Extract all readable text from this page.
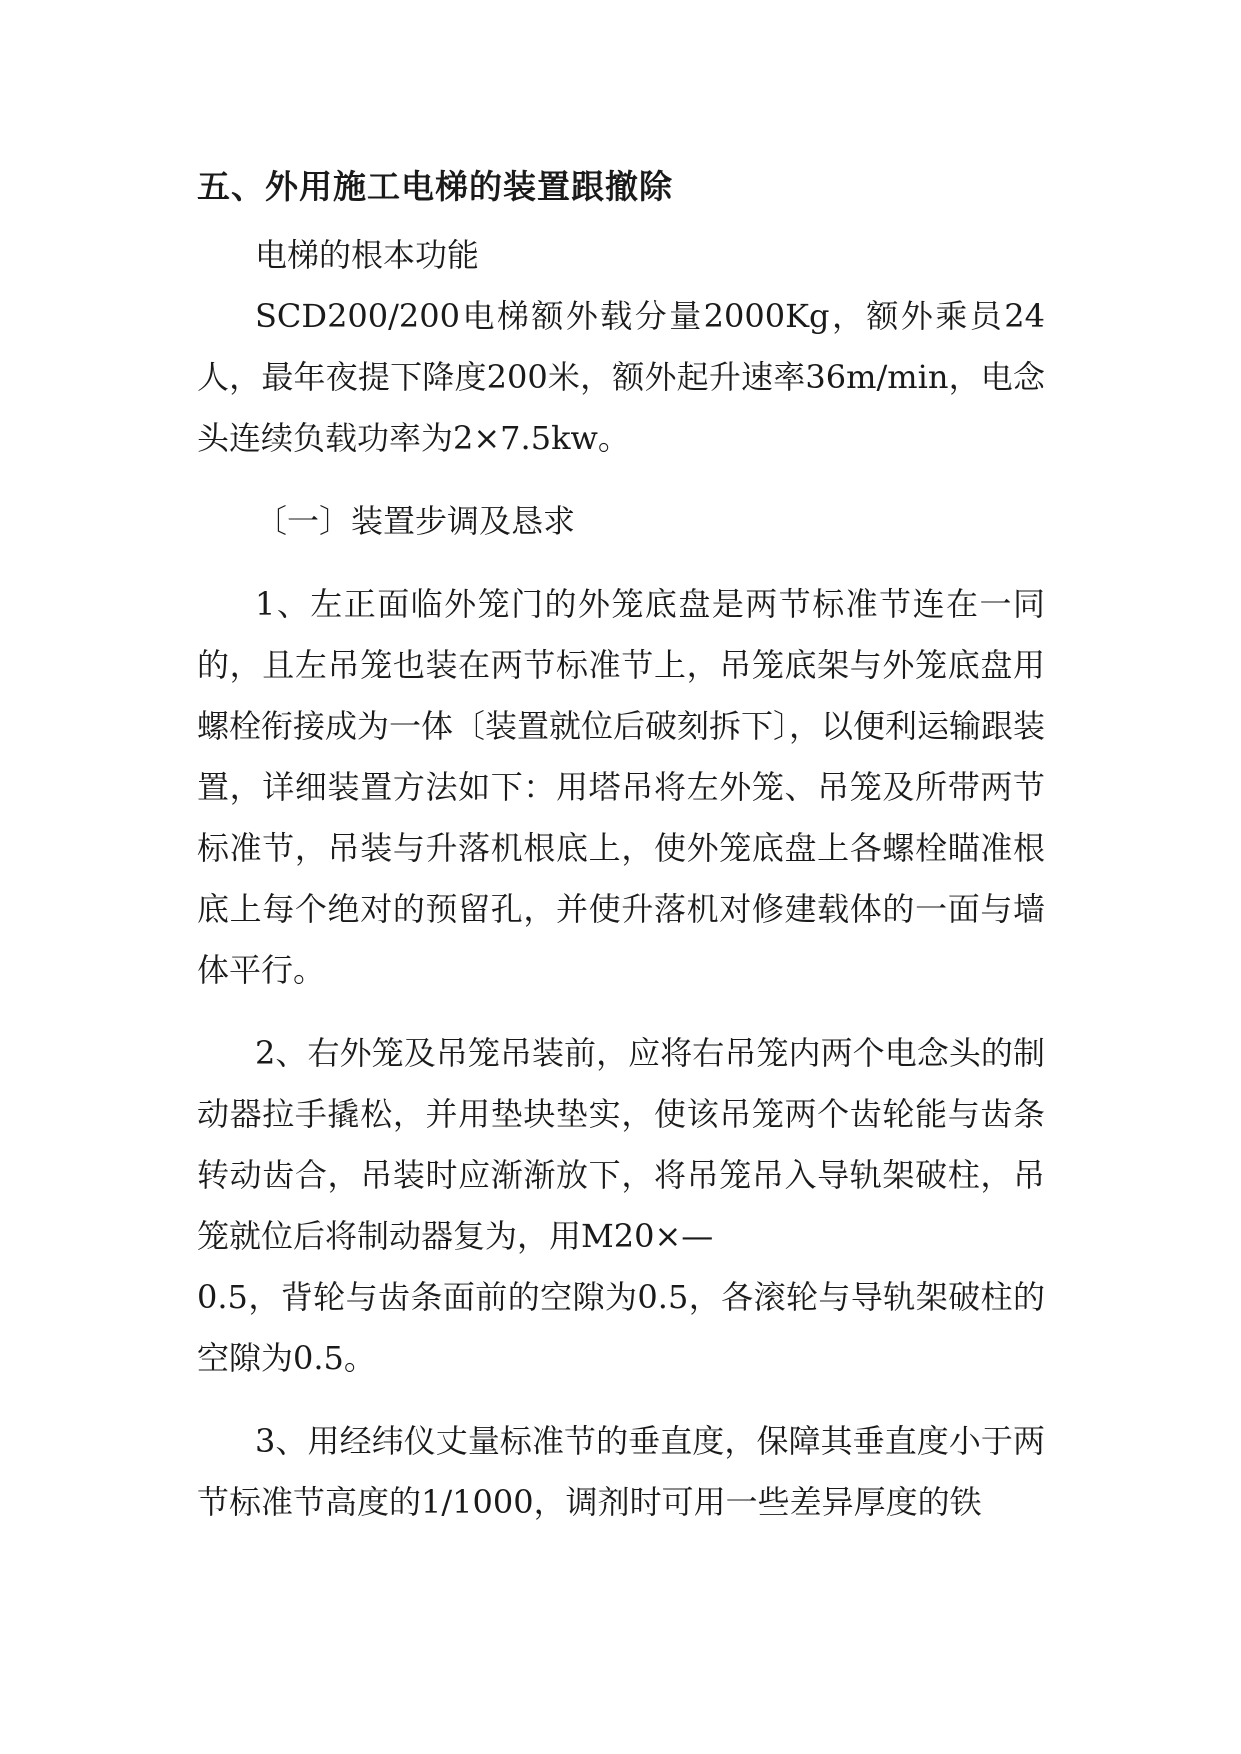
五、外用施工电梯的装置跟撤除

电梯的根本功能

SCD200/200电梯额外载分量2000Kg，额外乘员24人，最年夜提下降度200米，额外起升速率36m/min，电念头连续负载功率为2×7.5kw。

〔一〕装置步调及恳求

1、左正面临外笼门的外笼底盘是两节标准节连在一同的，且左吊笼也装在两节标准节上，吊笼底架与外笼底盘用螺栓衔接成为一体〔装置就位后破刻拆下〕，以便利运输跟装置，详细装置方法如下：用塔吊将左外笼、吊笼及所带两节标准节，吊装与升落机根底上，使外笼底盘上各螺栓瞄准根底上每个绝对的预留孔，并使升落机对修建载体的一面与墙体平行。

2、右外笼及吊笼吊装前，应将右吊笼内两个电念头的制动器拉手撬松，并用垫块垫实，使该吊笼两个齿轮能与齿条转动齿合，吊装时应渐渐放下，将吊笼吊入导轨架破柱，吊笼就位后将制动器复为，用M20×—

0.5，背轮与齿条面前的空隙为0.5，各滚轮与导轨架破柱的空隙为0.5。

3、用经纬仪丈量标准节的垂直度，保障其垂直度小于两节标准节高度的1/1000，调剂时可用一些差异厚度的铁
